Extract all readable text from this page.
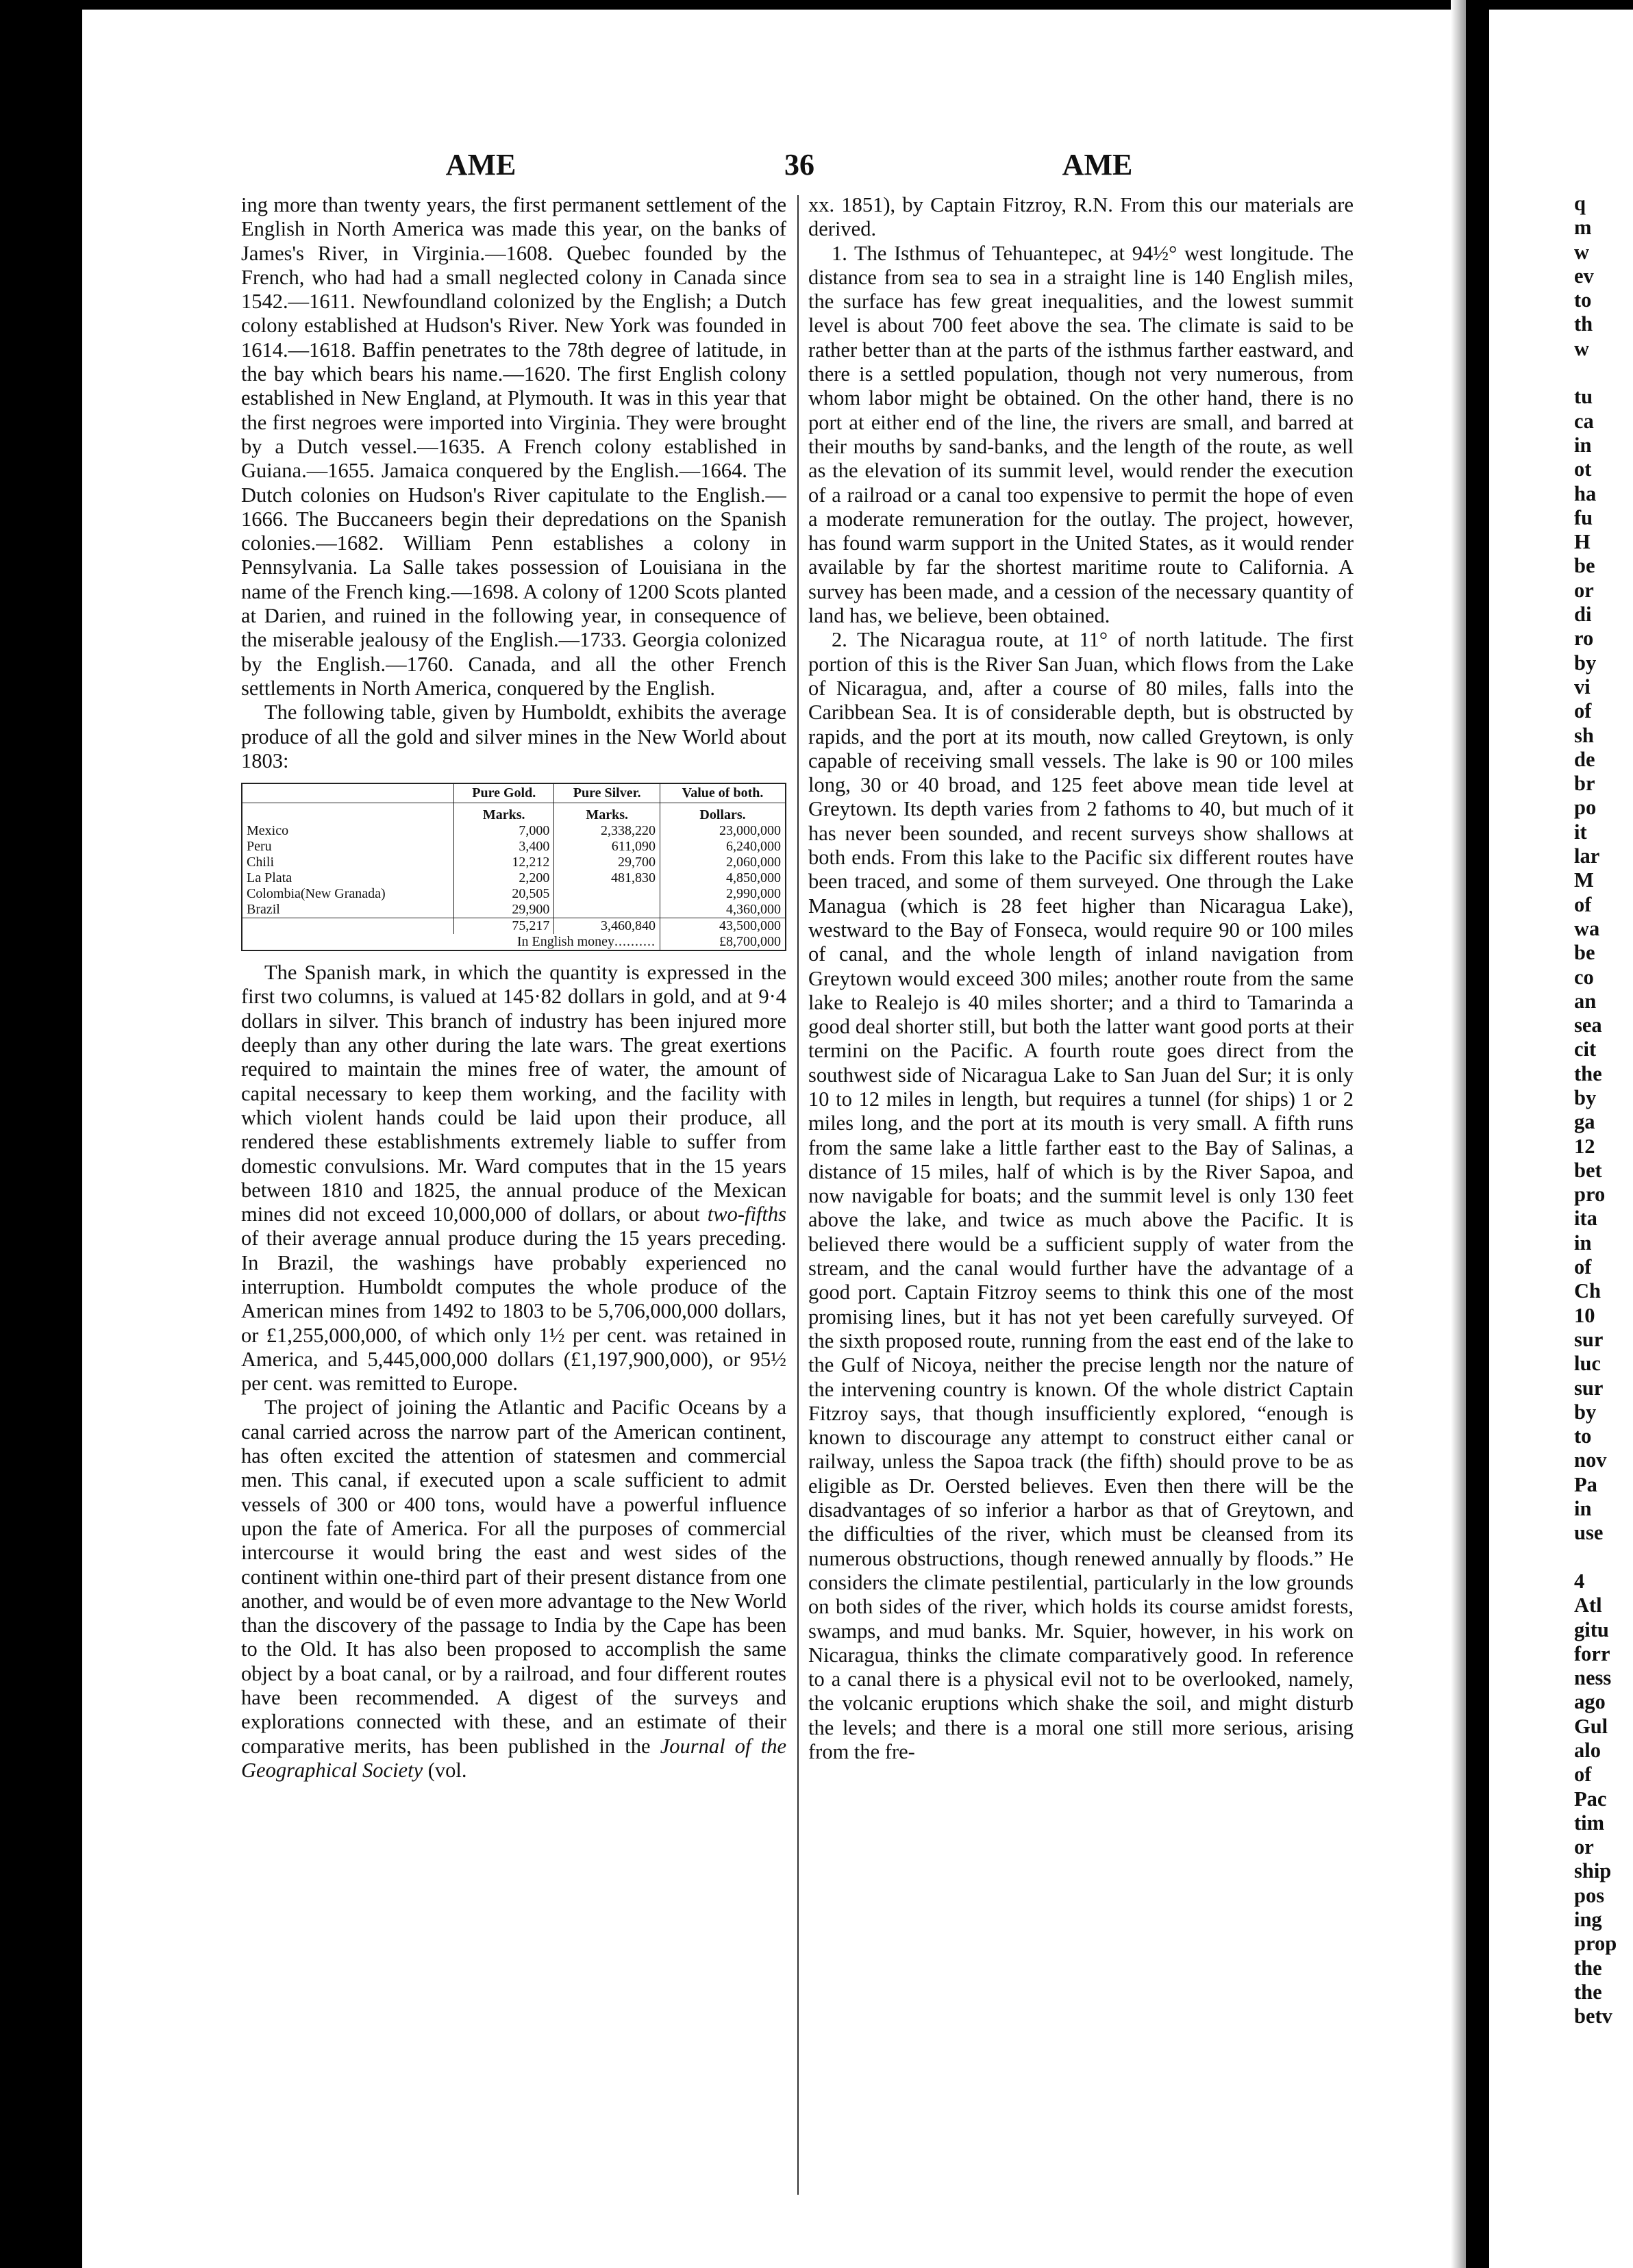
AME	36	AME

ing more than twenty years, the first permanent settlement of the English in North America was made this year, on the banks of James's River, in Virginia.—1608. Quebec founded by the French, who had had a small neglected colony in Canada since 1542.—1611. Newfoundland colonized by the English; a Dutch colony established at Hudson's River. New York was founded in 1614.—1618. Baffin penetrates to the 78th degree of latitude, in the bay which bears his name.—1620. The first English colony established in New England, at Plymouth. It was in this year that the first negroes were imported into Virginia. They were brought by a Dutch vessel.—1635. A French colony established in Guiana.—1655. Jamaica conquered by the English.—1664. The Dutch colonies on Hudson's River capitulate to the English.—1666. The Buccaneers begin their depredations on the Spanish colonies.—1682. William Penn establishes a colony in Pennsylvania. La Salle takes possession of Louisiana in the name of the French king.—1698. A colony of 1200 Scots planted at Darien, and ruined in the following year, in consequence of the miserable jealousy of the English.—1733. Georgia colonized by the English.—1760. Canada, and all the other French settlements in North America, conquered by the English.

The following table, given by Humboldt, exhibits the average produce of all the gold and silver mines in the New World about 1803:

	Pure Gold.	Pure Silver.	Value of both.
	Marks.	Marks.	Dollars.
Mexico	7,000	2,338,220	23,000,000
Peru	3,400	611,090	6,240,000
Chili	12,212	29,700	2,060,000
La Plata	2,200	481,830	4,850,000
Colombia(New Granada)	20,505		2,990,000
Brazil	29,900		4,360,000
	75,217	3,460,840	43,500,000
In English money..........			£8,700,000

The Spanish mark, in which the quantity is expressed in the first two columns, is valued at 145·82 dollars in gold, and at 9·4 dollars in silver. This branch of industry has been injured more deeply than any other during the late wars. The great exertions required to maintain the mines free of water, the amount of capital necessary to keep them working, and the facility with which violent hands could be laid upon their produce, all rendered these establishments extremely liable to suffer from domestic convulsions. Mr. Ward computes that in the 15 years between 1810 and 1825, the annual produce of the Mexican mines did not exceed 10,000,000 of dollars, or about two-fifths of their average annual produce during the 15 years preceding. In Brazil, the washings have probably experienced no interruption. Humboldt computes the whole produce of the American mines from 1492 to 1803 to be 5,706,000,000 dollars, or £1,255,000,000, of which only 1½ per cent. was retained in America, and 5,445,000,000 dollars (£1,197,900,000), or 95½ per cent. was remitted to Europe.

The project of joining the Atlantic and Pacific Oceans by a canal carried across the narrow part of the American continent, has often excited the attention of statesmen and commercial men. This canal, if executed upon a scale sufficient to admit vessels of 300 or 400 tons, would have a powerful influence upon the fate of America. For all the purposes of commercial intercourse it would bring the east and west sides of the continent within one-third part of their present distance from one another, and would be of even more advantage to the New World than the discovery of the passage to India by the Cape has been to the Old. It has also been proposed to accomplish the same object by a boat canal, or by a railroad, and four different routes have been recommended. A digest of the surveys and explorations connected with these, and an estimate of their comparative merits, has been published in the Journal of the Geographical Society (vol.

xx. 1851), by Captain Fitzroy, R.N. From this our materials are derived.

1. The Isthmus of Tehuantepec, at 94½° west longitude. The distance from sea to sea in a straight line is 140 English miles, the surface has few great inequalities, and the lowest summit level is about 700 feet above the sea. The climate is said to be rather better than at the parts of the isthmus farther eastward, and there is a settled population, though not very numerous, from whom labor might be obtained. On the other hand, there is no port at either end of the line, the rivers are small, and barred at their mouths by sand-banks, and the length of the route, as well as the elevation of its summit level, would render the execution of a railroad or a canal too expensive to permit the hope of even a moderate remuneration for the outlay. The project, however, has found warm support in the United States, as it would render available by far the shortest maritime route to California. A survey has been made, and a cession of the necessary quantity of land has, we believe, been obtained.

2. The Nicaragua route, at 11° of north latitude. The first portion of this is the River San Juan, which flows from the Lake of Nicaragua, and, after a course of 80 miles, falls into the Caribbean Sea. It is of considerable depth, but is obstructed by rapids, and the port at its mouth, now called Greytown, is only capable of receiving small vessels. The lake is 90 or 100 miles long, 30 or 40 broad, and 125 feet above mean tide level at Greytown. Its depth varies from 2 fathoms to 40, but much of it has never been sounded, and recent surveys show shallows at both ends. From this lake to the Pacific six different routes have been traced, and some of them surveyed. One through the Lake Managua (which is 28 feet higher than Nicaragua Lake), westward to the Bay of Fonseca, would require 90 or 100 miles of canal, and the whole length of inland navigation from Greytown would exceed 300 miles; another route from the same lake to Realejo is 40 miles shorter; and a third to Tamarinda a good deal shorter still, but both the latter want good ports at their termini on the Pacific. A fourth route goes direct from the southwest side of Nicaragua Lake to San Juan del Sur; it is only 10 to 12 miles in length, but requires a tunnel (for ships) 1 or 2 miles long, and the port at its mouth is very small. A fifth runs from the same lake a little farther east to the Bay of Salinas, a distance of 15 miles, half of which is by the River Sapoa, and now navigable for boats; and the summit level is only 130 feet above the lake, and twice as much above the Pacific. It is believed there would be a sufficient supply of water from the stream, and the canal would further have the advantage of a good port. Captain Fitzroy seems to think this one of the most promising lines, but it has not yet been carefully surveyed. Of the sixth proposed route, running from the east end of the lake to the Gulf of Nicoya, neither the precise length nor the nature of the intervening country is known. Of the whole district Captain Fitzroy says, that though insufficiently explored, “enough is known to discourage any attempt to construct either canal or railway, unless the Sapoa track (the fifth) should prove to be as eligible as Dr. Oersted believes. Even then there will be the disadvantages of so inferior a harbor as that of Greytown, and the difficulties of the river, which must be cleansed from its numerous obstructions, though renewed annually by floods.” He considers the climate pestilential, particularly in the low grounds on both sides of the river, which holds its course amidst forests, swamps, and mud banks. Mr. Squier, however, in his work on Nicaragua, thinks the climate comparatively good. In reference to a canal there is a physical evil not to be overlooked, namely, the volcanic eruptions which shake the soil, and might disturb the levels; and there is a moral one still more serious, arising from the fre-

q
m
w
ev
to
th
w
tu
ca
in
ot
ha
fu
H
be
or
di
ro
by
vi
of
sh
de
br
po
it
lar
M
of
wa
be
co
an
sea
cit
the
by
ga
12
bet
pro
ita
in
of
Ch
10
sur
luc
sur
by
to
nov
Pa
in
use
4
Atl
gitu
forr
ness
ago
Gul
alo
of
Pac
tim
or
ship
pos
ing
prop
the
the
betv
